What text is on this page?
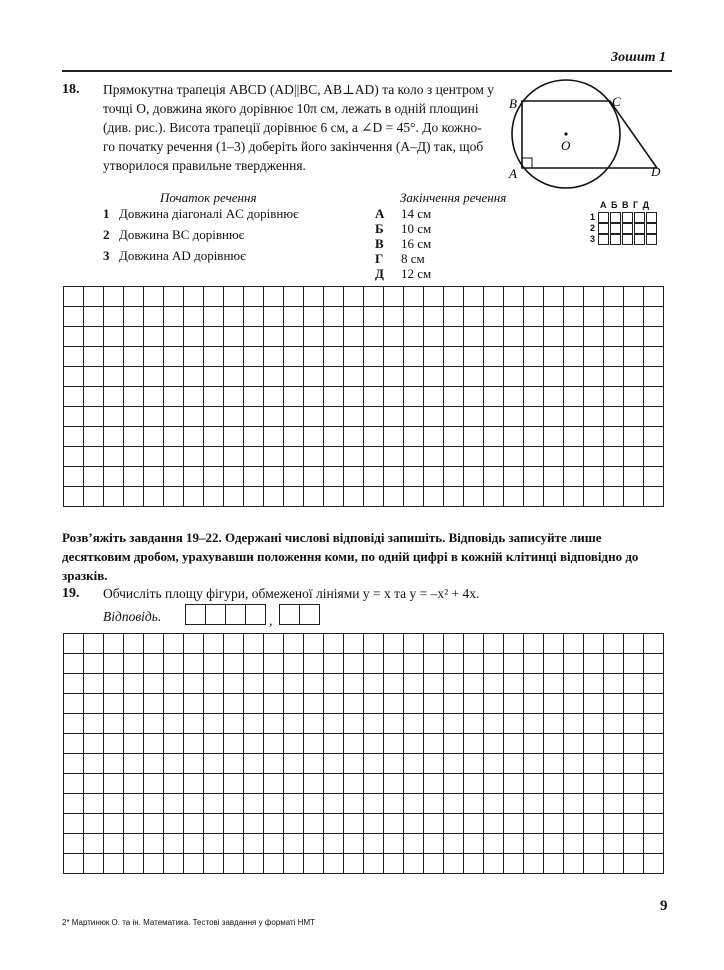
Зошит 1
18. Прямокутна трапеція ABCD (AD||BC, AB⊥AD) та коло з центром у
точці O, довжина якого дорівнює 10π см, лежать в одній площині
(див. рис.). Висота трапеції дорівнює 6 см, а ∠D = 45°. До кожно-
го початку речення (1–3) доберіть його закінчення (А–Д) так, щоб
утворилося правильне твердження.
B	C
A	D
O
Початок речення	Закінчення речення
1 Довжина діагоналі AC дорівнює
2 Довжина BC дорівнює
3 Довжина AD дорівнює
А 14 см
Б 10 см
В 16 см
Г 8 см
Д 12 см
А Б В Г Д
1
2
3
Розв’яжіть завдання 19–22. Одержані числові відповіді запишіть. Відповідь записуйте лише десятковим дробом, урахувавши положення коми, по одній цифрі в кожній клітинці відповідно до зразків.
19. Обчисліть площу фігури, обмеженої лініями y = x та y = –x² + 4x.
Відповідь.	,
2* Мартинюк О. та ін. Математика. Тестові завдання у форматі НМТ
9
